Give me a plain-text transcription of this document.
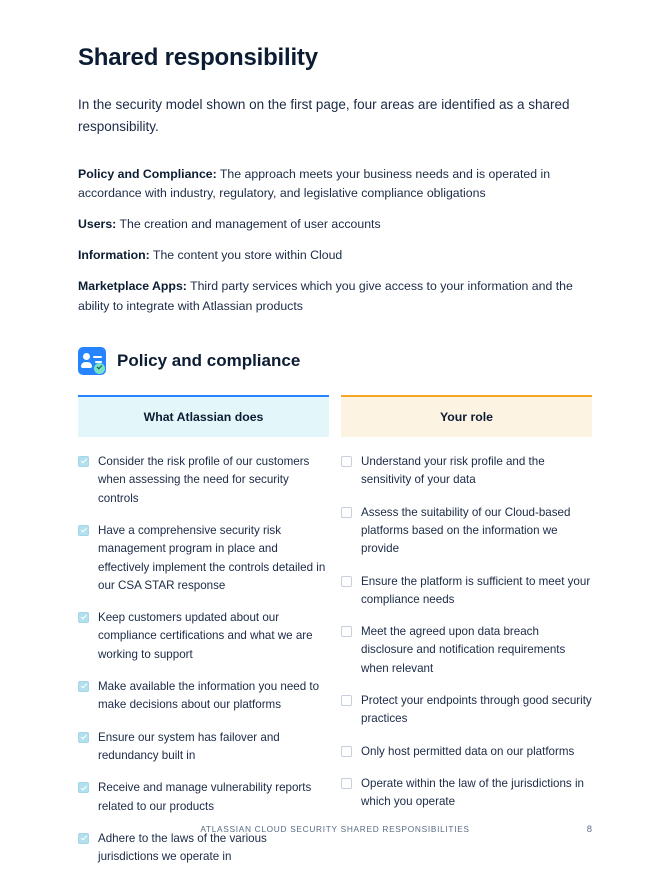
Shared responsibility

In the security model shown on the first page, four areas are identified as a shared responsibility.

Policy and Compliance: The approach meets your business needs and is operated in accordance with industry, regulatory, and legislative compliance obligations
Users: The creation and management of user accounts
Information: The content you store within Cloud
Marketplace Apps: Third party services which you give access to your information and the ability to integrate with Atlassian products
Policy and compliance
What Atlassian does	Your role
Consider the risk profile of our customers when assessing the need for security controls
Have a comprehensive security risk management program in place and effectively implement the controls detailed in our CSA STAR response
Keep customers updated about our compliance certifications and what we are working to support
Make available the information you need to make decisions about our platforms
Ensure our system has failover and redundancy built in
Receive and manage vulnerability reports related to our products
Adhere to the laws of the various jurisdictions we operate in
Understand your risk profile and the sensitivity of your data
Assess the suitability of our Cloud-based platforms based on the information we provide
Ensure the platform is sufficient to meet your compliance needs
Meet the agreed upon data breach disclosure and notification requirements when relevant
Protect your endpoints through good security practices
Only host permitted data on our platforms
Operate within the law of the jurisdictions in which you operate
ATLASSIAN CLOUD SECURITY SHARED RESPONSIBILITIES	8
